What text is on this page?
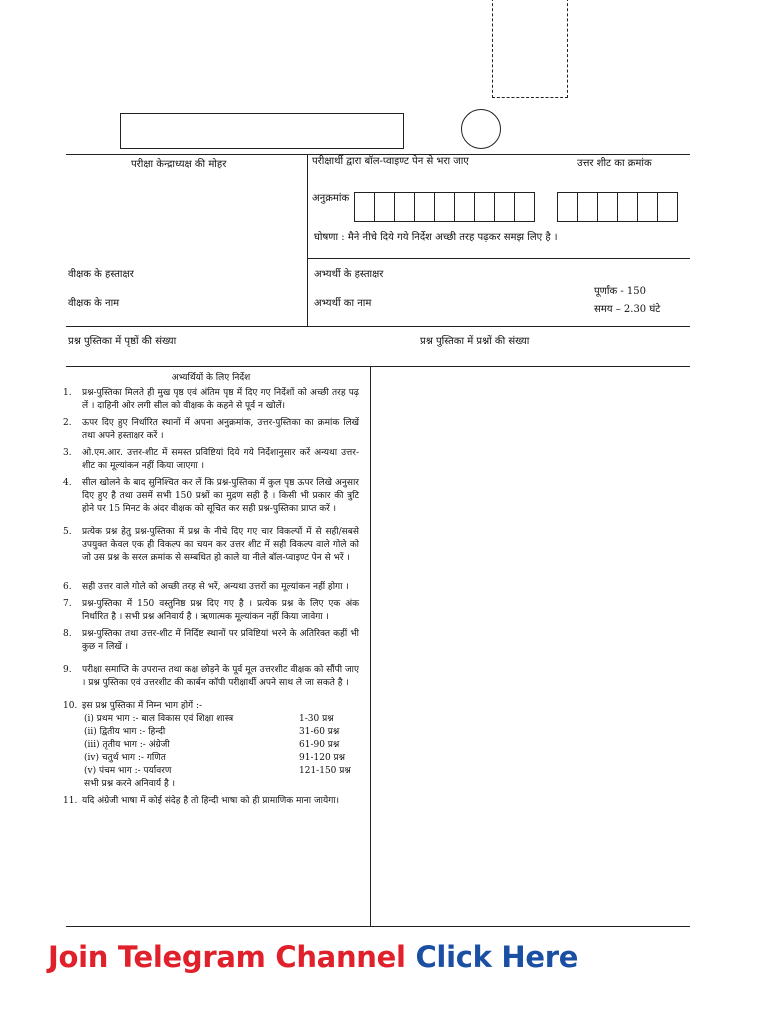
परीक्षा केन्द्राध्यक्ष की मोहर	परीक्षार्थी द्वारा बॉल-प्वाइण्ट पेन से भरा जाए	उत्तर शीट का क्रमांक
अनुक्रमांक
घोषणा : मैने नीचे दिये गये निर्देश अच्छी तरह पढ़कर समझ लिए है ।
वीक्षक के हस्ताक्षर
वीक्षक के नाम
अभ्यर्थी के हस्ताक्षर
अभ्यर्थी का नाम
पूर्णांक - 150
समय – 2.30 घंटे
प्रश्न पुस्तिका में पृष्ठों की संख्या	प्रश्न पुस्तिका में प्रश्नों की संख्या
अभ्यर्थियों के लिए निर्देश
1. प्रश्न-पुस्तिका मिलते ही मुख पृष्ठ एवं अंतिम पृष्ठ में दिए गए निर्देशों को अच्छी तरह पढ़ लें । दाहिनी ओर लगी सील को वीक्षक के कहने से पूर्व न खोलें।
2. ऊपर दिए हुए निर्धारित स्थानों में अपना अनुक्रमांक, उत्तर-पुस्तिका का क्रमांक लिखें तथा अपने हस्ताक्षर करें ।
3. ओ.एम.आर. उत्तर-शीट में समस्त प्रविष्टियां दिये गये निर्देशानुसार करें अन्यथा उत्तर-शीट का मूल्यांकन नहीं किया जाएगा ।
4. सील खोलने के बाद सुनिश्चित कर लें कि प्रश्न-पुस्तिका में कुल पृष्ठ ऊपर लिखे अनुसार दिए हुए है तथा उसमें सभी 150 प्रश्नों का मुद्रण सही है । किसी भी प्रकार की त्रुटि होने पर 15 मिनट के अंदर वीक्षक को सूचित कर सही प्रश्न-पुस्तिका प्राप्त करें ।
5. प्रत्येक प्रश्न हेतु प्रश्न-पुस्तिका में प्रश्न के नीचे दिए गए चार विकल्पों में से सही/सबसे उपयुक्त केवल एक ही विकल्प का चयन कर उत्तर शीट में सही विकल्प वाले गोले को जो उस प्रश्न के सरल क्रमांक से सम्बधित हो काले या नीले बॉल-प्वाइण्ट पेन से भरें ।
6. सही उत्तर वाले गोले को अच्छी तरह से भरें, अन्यथा उत्तरों का मूल्यांकन नहीं होगा ।
7. प्रश्न-पुस्तिका में 150 वस्तुनिष्ठ प्रश्न दिए गए है । प्रत्येक प्रश्न के लिए एक अंक निर्धारित है । सभी प्रश्न अनिवार्य है । ऋणात्मक मूल्यांकन नहीं किया जावेगा ।
8. प्रश्न-पुस्तिका तथा उत्तर-शीट में निर्दिष्ट स्थानों पर प्रविष्टियां भरने के अतिरिक्त कहीं भी कुछ न लिखें ।
9. परीक्षा समाप्ति के उपरान्त तथा कक्ष छोड़ने के पूर्व मूल उत्तरशीट वीक्षक को सौंपी जाए । प्रश्न पुस्तिका एवं उत्तरशीट की कार्बन कॉपी परीक्षार्थी अपने साथ ले जा सकते है ।
10. इस प्रश्न पुस्तिका में निम्न भाग होगें :-
(i) प्रथम भाग :- बाल विकास एवं शिक्षा शास्त्र	1-30 प्रश्न
(ii) द्वितीय भाग :- हिन्दी	31-60 प्रश्न
(iii) तृतीय भाग :- अंग्रेजी	61-90 प्रश्न
(iv) चतुर्थ भाग :- गणित	91-120 प्रश्न
(v) पंचम भाग :- पर्यावरण	121-150 प्रश्न
सभी प्रश्न करने अनिवार्य है ।
11. यदि अंग्रेजी भाषा में कोई संदेह है तो हिन्दी भाषा को ही प्रामाणिक माना जायेगा।
Join Telegram Channel Click Here
